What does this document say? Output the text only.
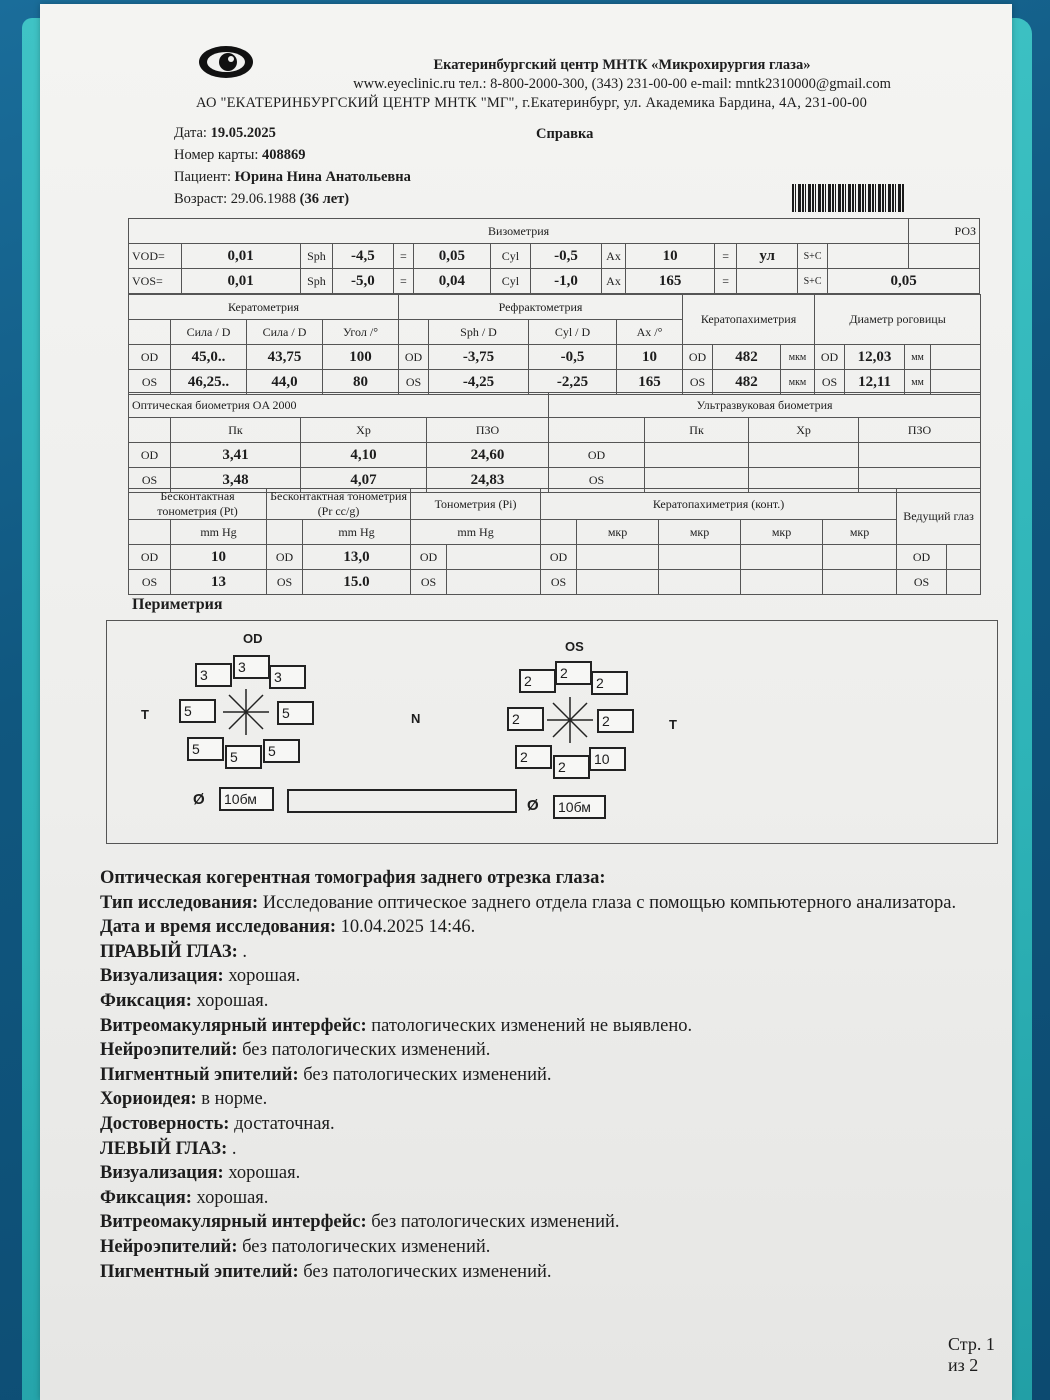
Екатеринбургский центр МНТК «Микрохирургия глаза»
www.eyeclinic.ru тел.: 8-800-2000-300, (343) 231-00-00 e-mail: mntk2310000@gmail.com
АО "ЕКАТЕРИНБУРГСКИЙ ЦЕНТР МНТК "МГ", г.Екатеринбург, ул. Академика Бардина, 4А, 231-00-00
Справка
Дата: 19.05.2025
Номер карты: 408869
Пациент: Юрина Нина Анатольевна
Возраст: 29.06.1988 (36 лет)
Визометрия														РОЗ
VOD=	0,01	Sph	-4,5	=	0,05	Cyl	-0,5	Ax	10	=	ул	S+C		
VOS=	0,01	Sph	-5,0	=	0,04	Cyl	-1,0	Ax	165	=		S+C	0,05	
Кератометрия				Рефрактометрия				Кератопахиметрия			Диаметр роговицы			
	Сила / D	Сила / D	Угол /°		Sph / D	Cyl / D	Ax /°							
OD	45,0..	43,75	100	OD	-3,75	-0,5	10	OD	482	мкм	OD	12,03	мм	
OS	46,25..	44,0	80	OS	-4,25	-2,25	165	OS	482	мкм	OS	12,11	мм	
Оптическая биометрия OA 2000				Ультразвуковая биометрия			
	Пк	Хр	ПЗО		Пк	Хр	ПЗО
OD	3,41	4,10	24,60	OD			
OS	3,48	4,07	24,83	OS			
Бесконтактная тонометрия (Pt)		Бесконтактная тонометрия (Pr cc/g)		Тонометрия (Pi)		Кератопахиметрия (конт.)					Ведущий глаз	
	mm Hg		mm Hg	mm Hg			мкр	мкр	мкр	мкр		
OD	10	OD	13,0	OD		OD					OD	
OS	13	OS	15.0	OS		OS					OS	
Периметрия
OD
OS
T	N	T
3	3
3
5	5
5	5	5
2	2
2
2	2
2
2	10
Ø	10бм	Ø	10бм
Оптическая когерентная томография заднего отрезка глаза:
Тип исследования: Исследование оптическое заднего отдела глаза с помощью компьютерного анализатора.
Дата и время исследования: 10.04.2025 14:46.
ПРАВЫЙ ГЛАЗ: .
Визуализация: хорошая.
Фиксация: хорошая.
Витреомакулярный интерфейс: патологических изменений не выявлено.
Нейроэпителий: без патологических изменений.
Пигментный эпителий: без патологических изменений.
Хориоидея: в норме.
Достоверность: достаточная.
ЛЕВЫЙ ГЛАЗ: .
Визуализация: хорошая.
Фиксация: хорошая.
Витреомакулярный интерфейс: без патологических изменений.
Нейроэпителий: без патологических изменений.
Пигментный эпителий: без патологических изменений.
Стр. 1 из 2
